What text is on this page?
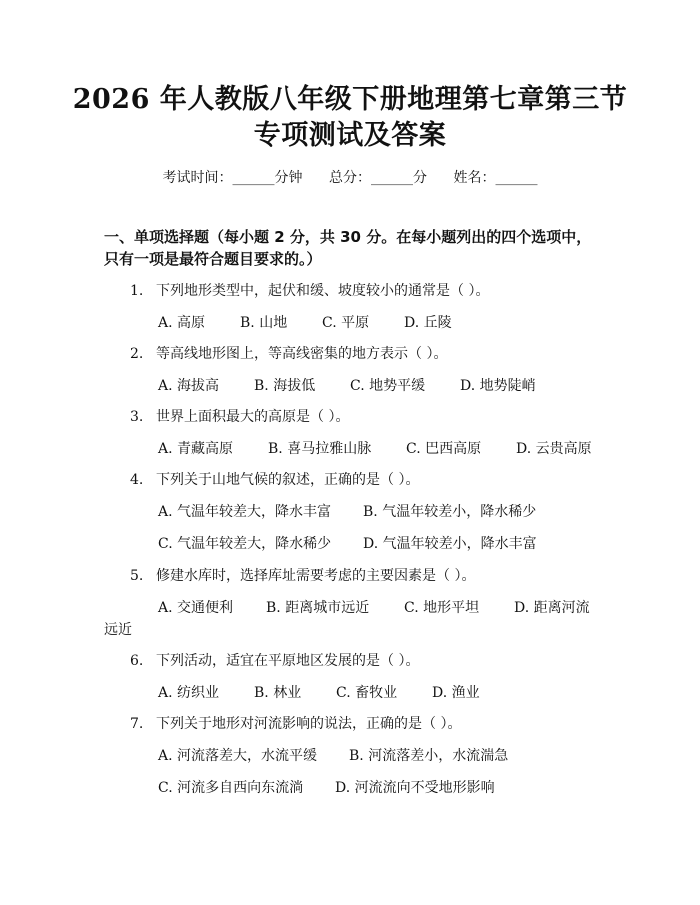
2026 年人教版八年级下册地理第七章第三节
专项测试及答案
考试时间：______分钟 总分：______分 姓名：______
一、单项选择题（每小题 2 分，共 30 分。在每小题列出的四个选项中，只有一项是最符合题目要求的。）
1. 下列地形类型中，起伏和缓、坡度较小的通常是（ ）。
A. 高原 B. 山地 C. 平原 D. 丘陵
2. 等高线地形图上，等高线密集的地方表示（ ）。
A. 海拔高 B. 海拔低 C. 地势平缓 D. 地势陡峭
3. 世界上面积最大的高原是（ ）。
A. 青藏高原 B. 喜马拉雅山脉 C. 巴西高原 D. 云贵高原
4. 下列关于山地气候的叙述，正确的是（ ）。
A. 气温年较差大，降水丰富 B. 气温年较差小，降水稀少
C. 气温年较差大，降水稀少 D. 气温年较差小，降水丰富
5. 修建水库时，选择库址需要考虑的主要因素是（ ）。
A. 交通便利 B. 距离城市远近 C. 地形平坦 D. 距离河流
远近
6. 下列活动，适宜在平原地区发展的是（ ）。
A. 纺织业 B. 林业 C. 畜牧业 D. 渔业
7. 下列关于地形对河流影响的说法，正确的是（ ）。
A. 河流落差大，水流平缓 B. 河流落差小，水流湍急
C. 河流多自西向东流淌 D. 河流流向不受地形影响
